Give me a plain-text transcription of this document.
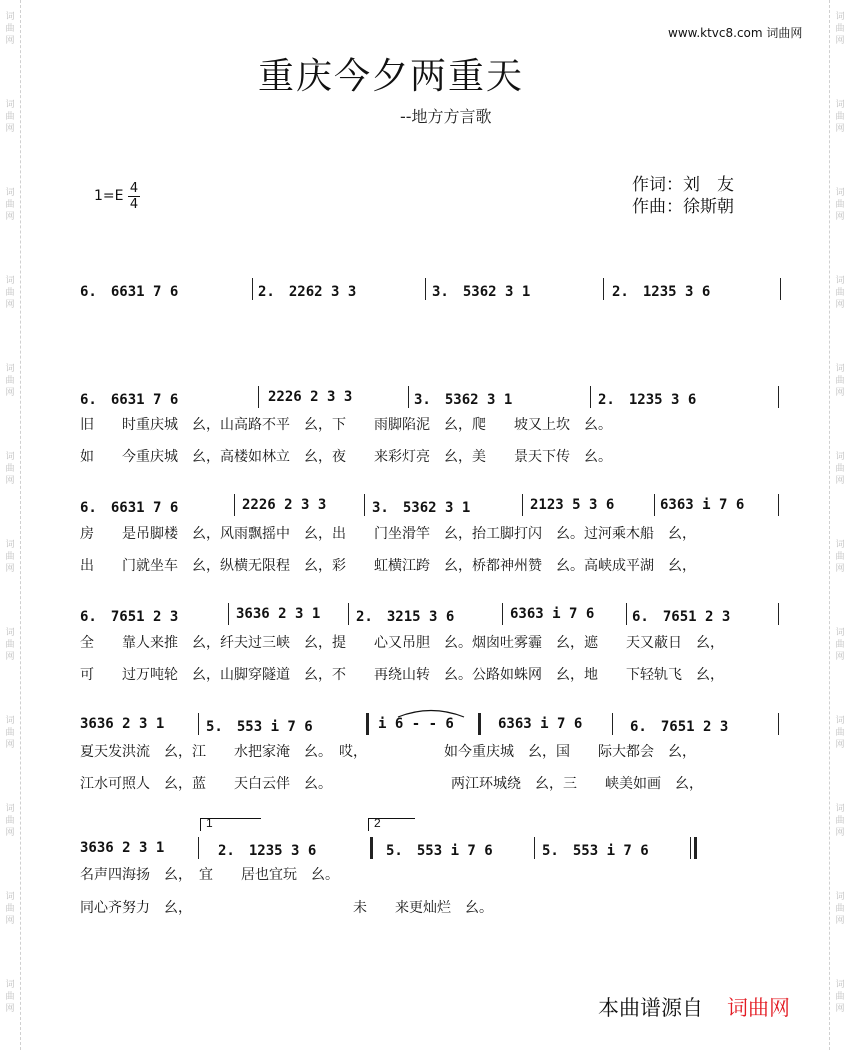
词
曲
网
词
曲
网
词
曲
网
词
曲
网
词
曲
网
词
曲
网
词
曲
网
词
曲
网
词
曲
网
词
曲
网
词
曲
网
词
曲
网
词
曲
网
词
曲
网
词
曲
网
词
曲
网
词
曲
网
词
曲
网
词
曲
网
词
曲
网
词
曲
网
词
曲
网
词
曲
网
词
曲
网
www.ktvc8.com 词曲网
重庆今夕两重天
--地方方言歌
1=E 4
4
作词：刘　友
作曲：徐斯朝
6.　6631 7 6	2.　2262 3 3	3.　5362 3 1	2.　1235 3 6
6.　6631 7 6	2226 2 3 3	3.　5362 3 1	2.　1235 3 6
旧　　时重庆城　幺，山高路不平　幺，下　　雨脚陷泥　幺，爬　　坡又上坎　幺。
如　　今重庆城　幺，高楼如林立　幺，夜　　来彩灯亮　幺，美　　景天下传　幺。
6.　6631 7 6	2226 2 3 3	3.　5362 3 1	2123 5 3 6	6363 i 7 6
房　　是吊脚楼　幺，风雨飘摇中　幺，出　　门坐滑竿　幺，抬工脚打闪　幺。过河乘木船　幺，
出　　门就坐车　幺，纵横无限程　幺，彩　　虹横江跨　幺，桥都神州赞　幺。高峡成平湖　幺，
6.　7651 2 3	3636 2 3 1	2.　3215 3 6	6363 i 7 6	6.　7651 2 3
全　　靠人来推　幺，纤夫过三峡　幺，提　　心又吊胆　幺。烟囱吐雾霾　幺，遮　　天又蔽日　幺，
可　　过万吨轮　幺，山脚穿隧道　幺，不　　再绕山转　幺。公路如蛛网　幺，地　　下轻轨飞　幺，
3636 2 3 1	5.　553 i 7 6	i 6 - - 6	6363 i 7 6	6.　7651 2 3
夏天发洪流　幺，江　　水把家淹　幺。　哎，　　　　　　如今重庆城　幺，国　　际大都会　幺，
江水可照人　幺，蓝　　天白云伴　幺。　　　　　　　　　两江环城绕　幺，三　　峡美如画　幺，
1	2
3636 2 3 1	2.　1235 3 6	5.　553 i 7 6	5.　553 i 7 6
名声四海扬　幺，　宜　　居也宜玩　幺。
同心齐努力　幺，　　　　　　　　　　　　未　　来更灿烂　幺。
本曲谱源自 词曲网
